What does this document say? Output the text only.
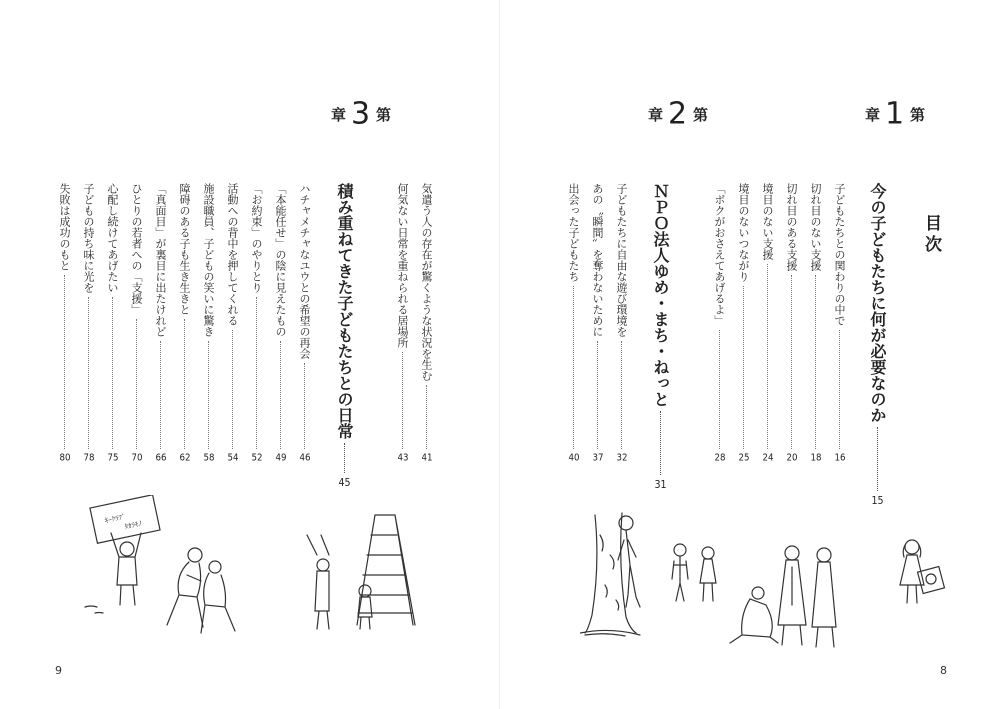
目次
第
1
章
今の子どもたちに何が必要なのか15
子どもたちとの関わりの中で
16
切れ目のない支援
18
切れ目のある支援
20
境目のない支援
24
境目のないつながり
25
「ボクがおさえてあげるよ」
28
第
2
章
ＮＰＯ法人ゆめ・まち・ねっと31
子どもたちに自由な遊び環境を
32
あの〝瞬間〟を奪わないために
37
出会った子どもたち
40
8
気遣う人の存在が驚くような状況を生む
41
何気ない日常を重ねられる居場所
43
第
3
章
積み重ねてきた子どもたちとの日常45
ハチャメチャなユウとの希望の再会
46
「本能任せ」の陰に見えたもの
49
「お約束」のやりとり
52
活動への背中を押してくれる
54
施設職員、子どもの笑いに驚き
58
障碍のある子も生き生きと
62
「真面目」が裏目に出たけれど
66
ひとりの若者への「支援」
70
心配し続けてあげたい
75
子どもの持ち味に光を
78
失敗は成功のもと
80
ｷｰｸﾗﾌﾞ
ﾀｶﾗﾓﾉ
9
